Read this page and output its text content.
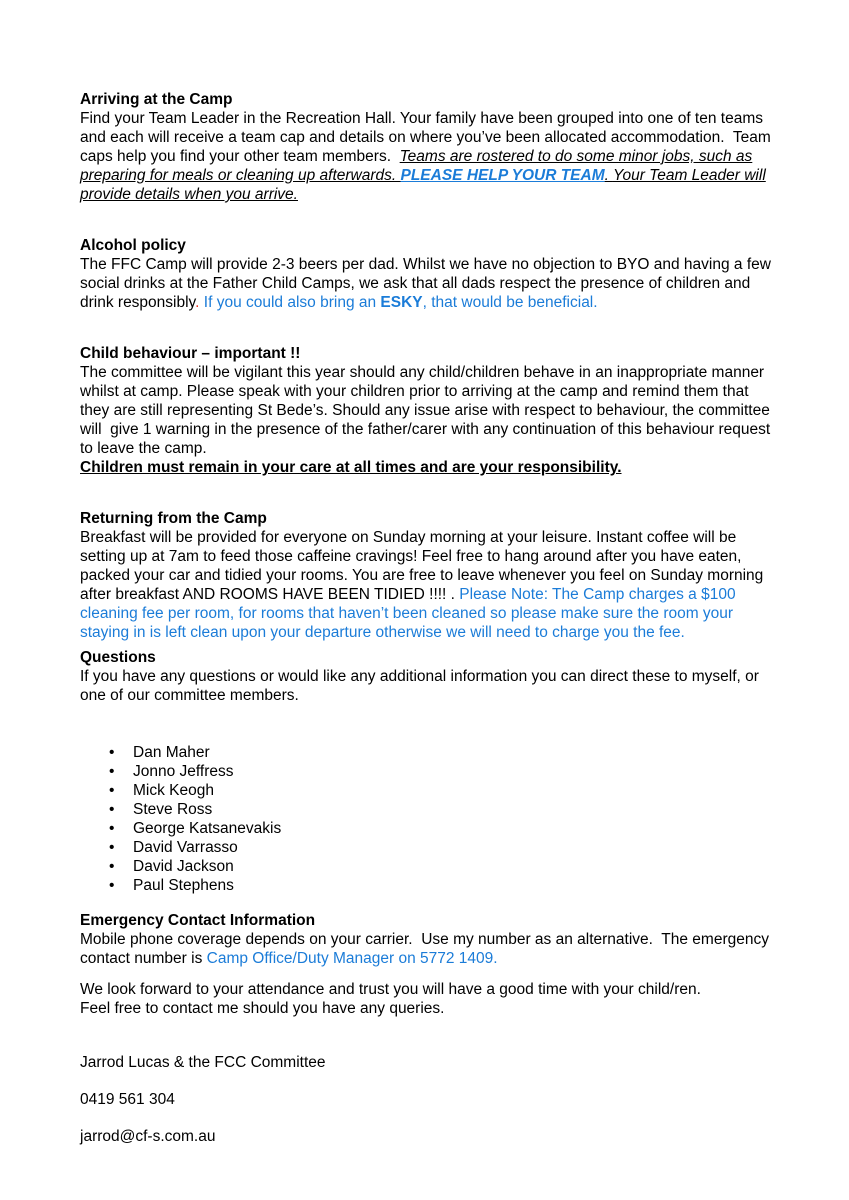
Arriving at the Camp
Find your Team Leader in the Recreation Hall. Your family have been grouped into one of ten teams
and each will receive a team cap and details on where you’ve been allocated accommodation.  Team
caps help you find your other team members.  Teams are rostered to do some minor jobs, such as
preparing for meals or cleaning up afterwards. PLEASE HELP YOUR TEAM. Your Team Leader will
provide details when you arrive.
Alcohol policy
The FFC Camp will provide 2-3 beers per dad. Whilst we have no objection to BYO and having a few
social drinks at the Father Child Camps, we ask that all dads respect the presence of children and
drink responsibly. If you could also bring an ESKY, that would be beneficial.
Child behaviour – important !!
The committee will be vigilant this year should any child/children behave in an inappropriate manner
whilst at camp. Please speak with your children prior to arriving at the camp and remind them that
they are still representing St Bede’s. Should any issue arise with respect to behaviour, the committee
will  give 1 warning in the presence of the father/carer with any continuation of this behaviour request
to leave the camp.
Children must remain in your care at all times and are your responsibility.
Returning from the Camp
Breakfast will be provided for everyone on Sunday morning at your leisure. Instant coffee will be
setting up at 7am to feed those caffeine cravings! Feel free to hang around after you have eaten,
packed your car and tidied your rooms. You are free to leave whenever you feel on Sunday morning
after breakfast AND ROOMS HAVE BEEN TIDIED !!!! . Please Note: The Camp charges a $100
cleaning fee per room, for rooms that haven’t been cleaned so please make sure the room your
staying in is left clean upon your departure otherwise we will need to charge you the fee.
Questions
If you have any questions or would like any additional information you can direct these to myself, or
one of our committee members.
• Dan Maher
• Jonno Jeffress
• Mick Keogh
• Steve Ross
• George Katsanevakis
• David Varrasso
• David Jackson
• Paul Stephens
Emergency Contact Information
Mobile phone coverage depends on your carrier.  Use my number as an alternative.  The emergency
contact number is Camp Office/Duty Manager on 5772 1409.
We look forward to your attendance and trust you will have a good time with your child/ren.
Feel free to contact me should you have any queries.
Jarrod Lucas & the FCC Committee
0419 561 304
jarrod@cf-s.com.au
